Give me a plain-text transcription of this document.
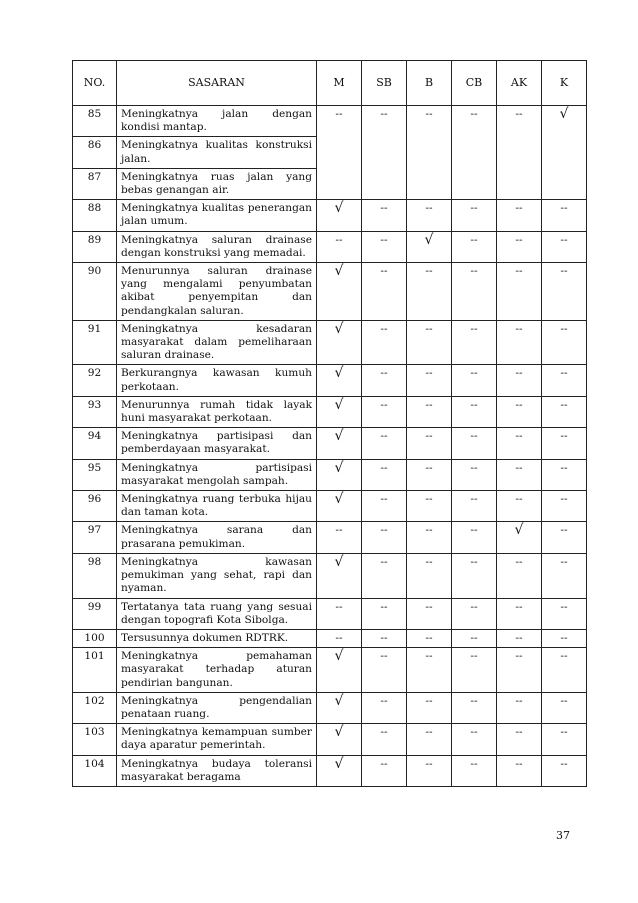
NO.	SASARAN	M	SB	B	CB	AK	K
85	Meningkatnya jalan dengan kondisi mantap.	--	--	--	--	--	√
86	Meningkatnya kualitas konstruksi jalan.						
87	Meningkatnya ruas jalan yang bebas genangan air.						
88	Meningkatnya kualitas penerangan jalan umum.	√	--	--	--	--	--
89	Meningkatnya saluran drainase dengan konstruksi yang memadai.	--	--	√	--	--	--
90	Menurunnya saluran drainase yang mengalami penyumbatan akibat penyempitan dan pendangkalan saluran.	√	--	--	--	--	--
91	Meningkatnya kesadaran masyarakat dalam pemeliharaan saluran drainase.	√	--	--	--	--	--
92	Berkurangnya kawasan kumuh perkotaan.	√	--	--	--	--	--
93	Menurunnya rumah tidak layak huni masyarakat perkotaan.	√	--	--	--	--	--
94	Meningkatnya partisipasi dan pemberdayaan masyarakat.	√	--	--	--	--	--
95	Meningkatnya partisipasi masyarakat mengolah sampah.	√	--	--	--	--	--
96	Meningkatnya ruang terbuka hijau dan taman kota.	√	--	--	--	--	--
97	Meningkatnya sarana dan prasarana pemukiman.	--	--	--	--	√	--
98	Meningkatnya kawasan pemukiman yang sehat, rapi dan nyaman.	√	--	--	--	--	--
99	Tertatanya tata ruang yang sesuai dengan topografi Kota Sibolga.	--	--	--	--	--	--
100	Tersusunnya dokumen RDTRK.	--	--	--	--	--	--
101	Meningkatnya pemahaman masyarakat terhadap aturan pendirian bangunan.	√	--	--	--	--	--
102	Meningkatnya pengendalian penataan ruang.	√	--	--	--	--	--
103	Meningkatnya kemampuan sumber daya aparatur pemerintah.	√	--	--	--	--	--
104	Meningkatnya budaya toleransi masyarakat beragama	√	--	--	--	--	--
37
